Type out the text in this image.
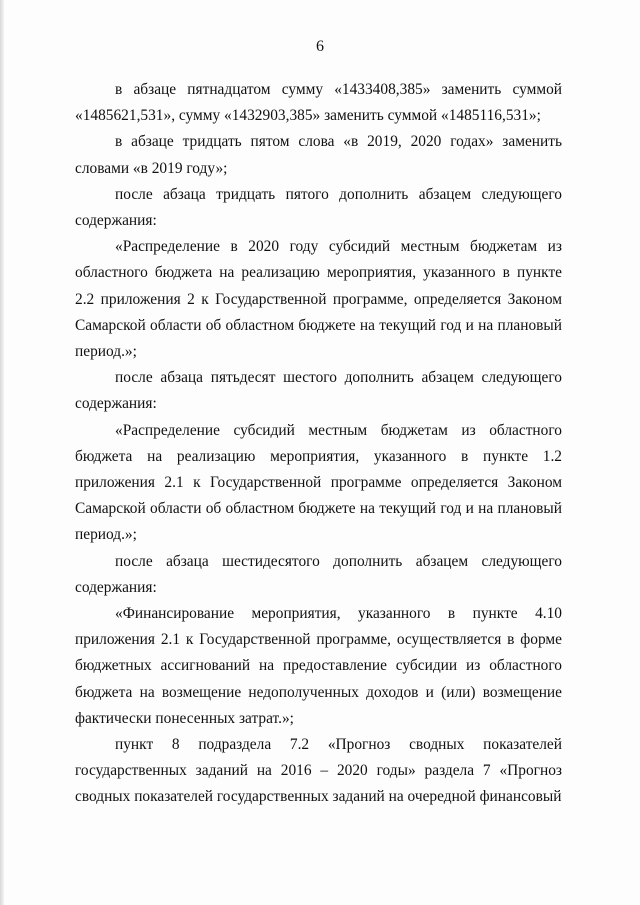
6

в абзаце пятнадцатом сумму «1433408,385» заменить суммой «1485621,531», сумму «1432903,385» заменить суммой «1485116,531»;

в абзаце тридцать пятом слова «в 2019, 2020 годах» заменить словами «в 2019 году»;

после абзаца тридцать пятого дополнить абзацем следующего содержания:

«Распределение в 2020 году субсидий местным бюджетам из областного бюджета на реализацию мероприятия, указанного в пункте 2.2 приложения 2 к Государственной программе, определяется Законом Самарской области об областном бюджете на текущий год и на плановый период.»;

после абзаца пятьдесят шестого дополнить абзацем следующего содержания:

«Распределение субсидий местным бюджетам из областного бюджета на реализацию мероприятия, указанного в пункте 1.2 приложения 2.1 к Государственной программе определяется Законом Самарской области об областном бюджете на текущий год и на плановый период.»;

после абзаца шестидесятого дополнить абзацем следующего содержания:

«Финансирование мероприятия, указанного в пункте 4.10 приложения 2.1 к Государственной программе, осуществляется в форме бюджетных ассигнований на предоставление субсидии из областного бюджета на возмещение недополученных доходов и (или) возмещение фактически понесенных затрат.»;

пункт 8 подраздела 7.2 «Прогноз сводных показателей государственных заданий на 2016 – 2020 годы» раздела 7 «Прогноз сводных показателей государственных заданий на очередной финансовый
